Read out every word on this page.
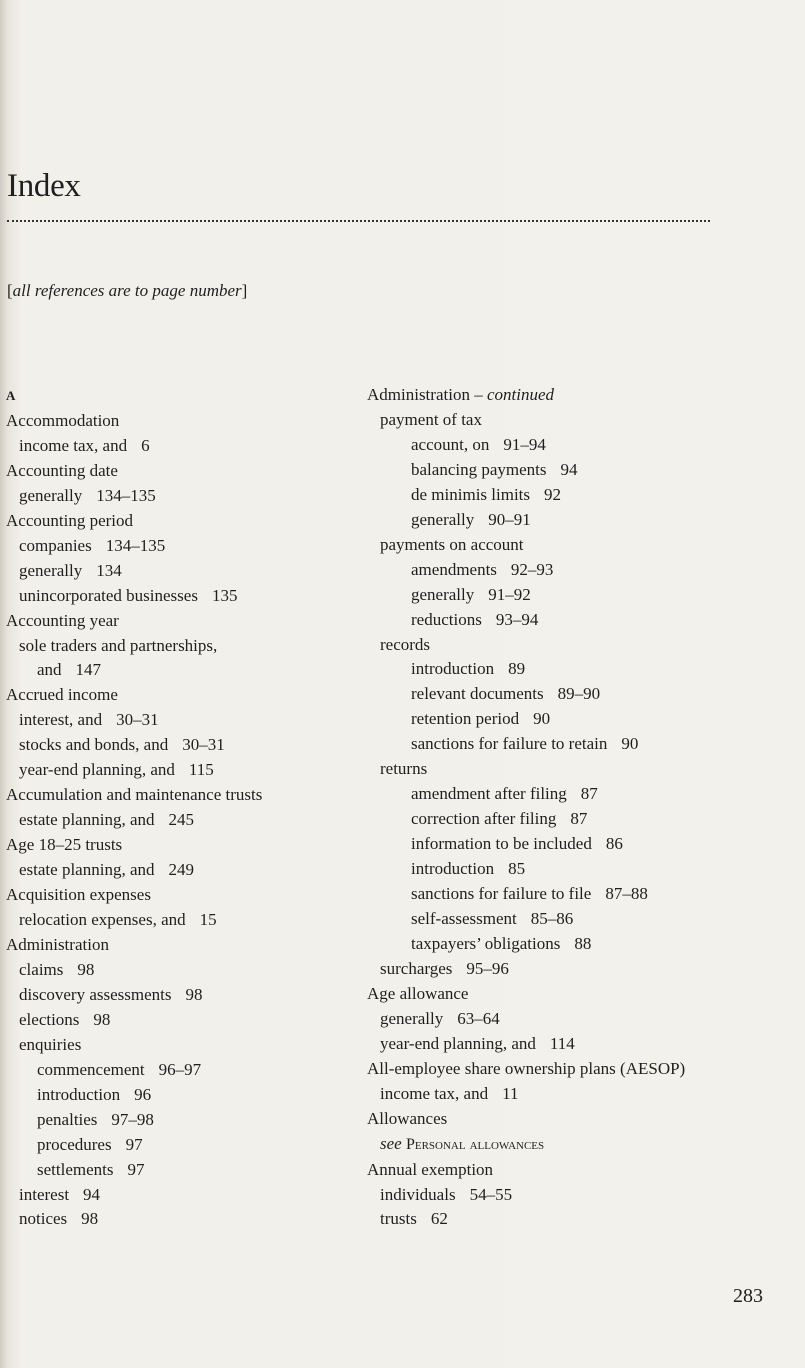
Index
[all references are to page number]
A
Accommodation
income tax, and 6
Accounting date
generally 134–135
Accounting period
companies 134–135
generally 134
unincorporated businesses 135
Accounting year
sole traders and partnerships,
and 147
Accrued income
interest, and 30–31
stocks and bonds, and 30–31
year-end planning, and 115
Accumulation and maintenance trusts
estate planning, and 245
Age 18–25 trusts
estate planning, and 249
Acquisition expenses
relocation expenses, and 15
Administration
claims 98
discovery assessments 98
elections 98
enquiries
commencement 96–97
introduction 96
penalties 97–98
procedures 97
settlements 97
interest 94
notices 98
Administration – continued
payment of tax
account, on 91–94
balancing payments 94
de minimis limits 92
generally 90–91
payments on account
amendments 92–93
generally 91–92
reductions 93–94
records
introduction 89
relevant documents 89–90
retention period 90
sanctions for failure to retain 90
returns
amendment after filing 87
correction after filing 87
information to be included 86
introduction 85
sanctions for failure to file 87–88
self-assessment 85–86
taxpayers’ obligations 88
surcharges 95–96
Age allowance
generally 63–64
year-end planning, and 114
All-employee share ownership plans (AESOP)
income tax, and 11
Allowances
see Personal allowances
Annual exemption
individuals 54–55
trusts 62
283
